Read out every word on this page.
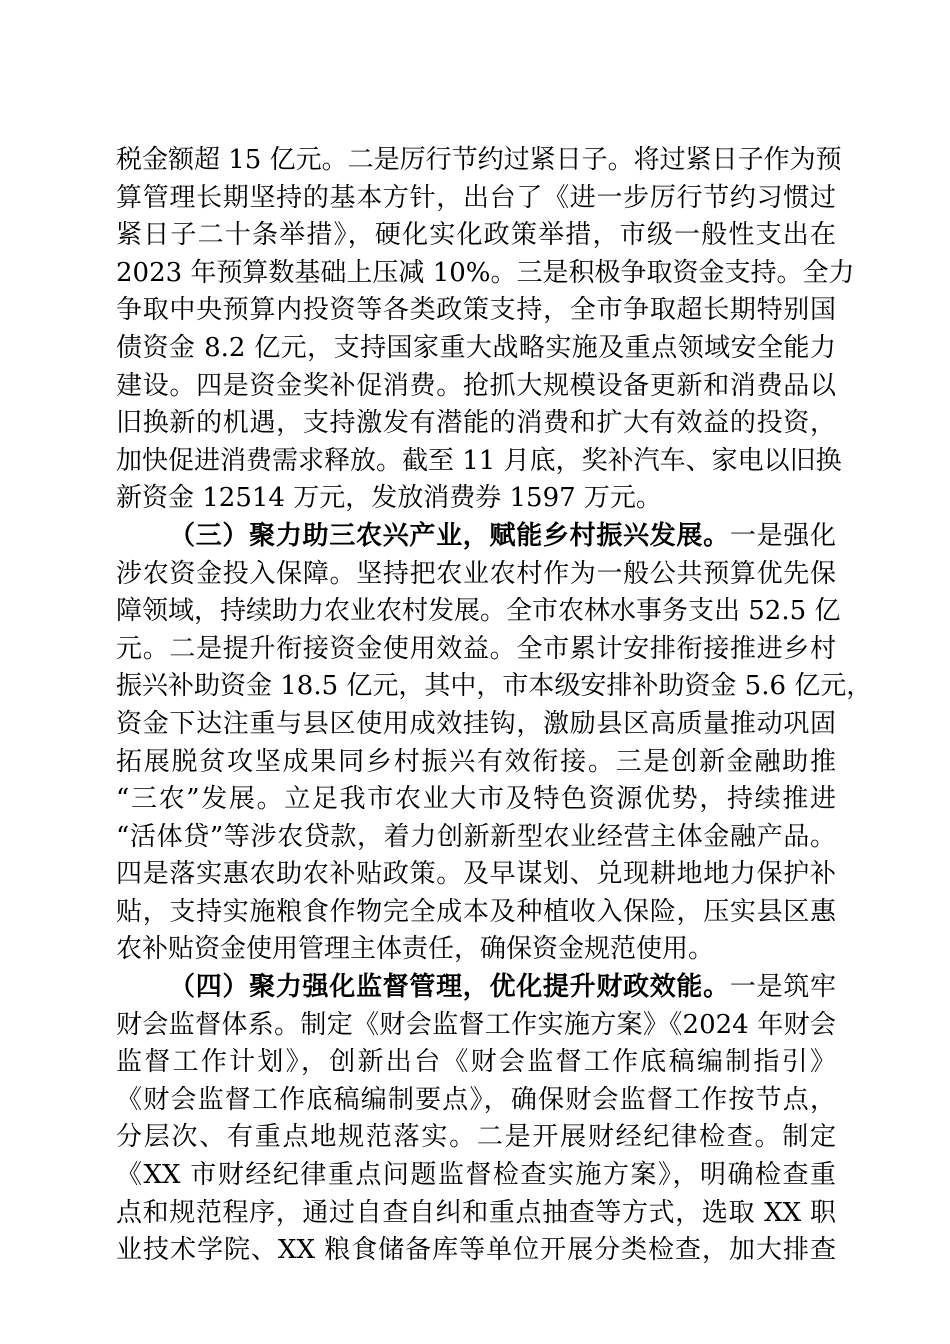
税金额超 15 亿元。二是厉行节约过紧日子。将过紧日子作为预
算管理长期坚持的基本方针，出台了《进一步厉行节约习惯过
紧日子二十条举措》，硬化实化政策举措，市级一般性支出在
2023 年预算数基础上压减 10%。三是积极争取资金支持。全力
争取中央预算内投资等各类政策支持，全市争取超长期特别国
债资金 8.2 亿元，支持国家重大战略实施及重点领域安全能力
建设。四是资金奖补促消费。抢抓大规模设备更新和消费品以
旧换新的机遇，支持激发有潜能的消费和扩大有效益的投资，
加快促进消费需求释放。截至 11 月底，奖补汽车、家电以旧换
新资金 12514 万元，发放消费券 1597 万元。
（三）聚力助三农兴产业，赋能乡村振兴发展。一是强化
涉农资金投入保障。坚持把农业农村作为一般公共预算优先保
障领域，持续助力农业农村发展。全市农林水事务支出 52.5 亿
元。二是提升衔接资金使用效益。全市累计安排衔接推进乡村
振兴补助资金 18.5 亿元，其中，市本级安排补助资金 5.6 亿元，
资金下达注重与县区使用成效挂钩，激励县区高质量推动巩固
拓展脱贫攻坚成果同乡村振兴有效衔接。三是创新金融助推
“三农”发展。立足我市农业大市及特色资源优势，持续推进
“活体贷”等涉农贷款，着力创新新型农业经营主体金融产品。
四是落实惠农助农补贴政策。及早谋划、兑现耕地地力保护补
贴，支持实施粮食作物完全成本及种植收入保险，压实县区惠
农补贴资金使用管理主体责任，确保资金规范使用。
（四）聚力强化监督管理，优化提升财政效能。一是筑牢
财会监督体系。制定《财会监督工作实施方案》《2024 年财会
监督工作计划》，创新出台《财会监督工作底稿编制指引》
《财会监督工作底稿编制要点》，确保财会监督工作按节点，
分层次、有重点地规范落实。二是开展财经纪律检查。制定
《XX 市财经纪律重点问题监督检查实施方案》，明确检查重
点和规范程序，通过自查自纠和重点抽查等方式，选取 XX 职
业技术学院、XX 粮食储备库等单位开展分类检查，加大排查
